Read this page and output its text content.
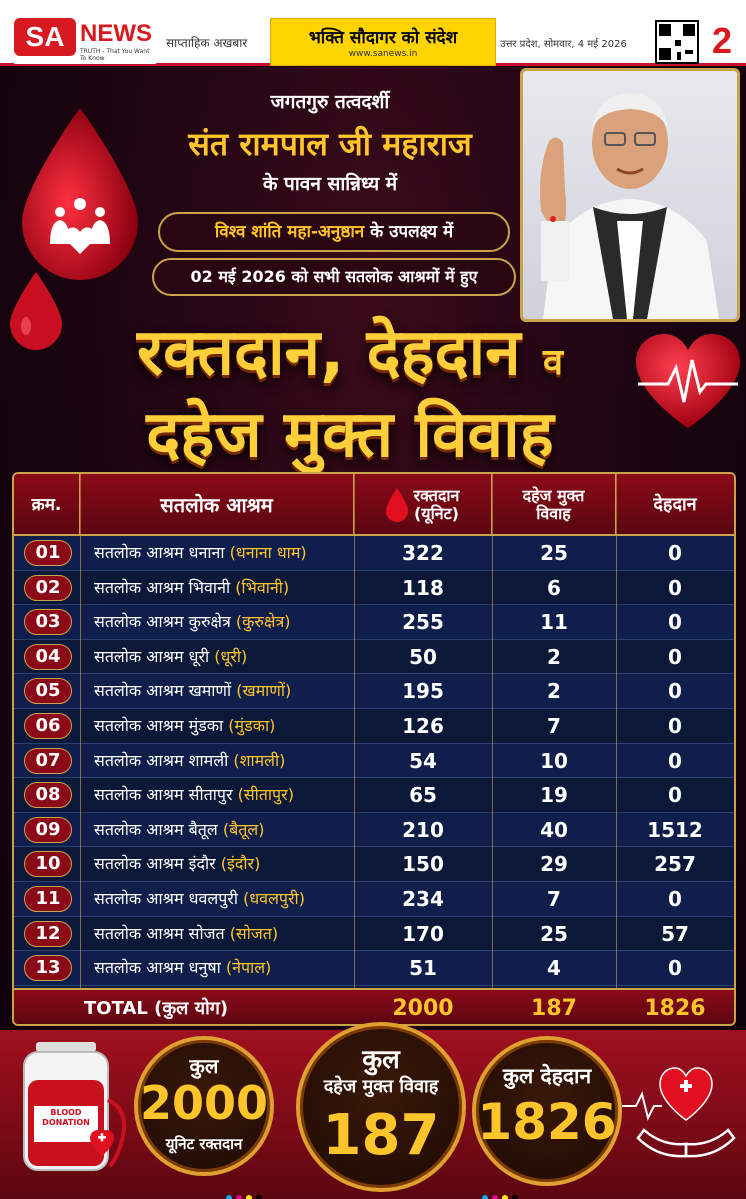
SA NEWS
TRUTH - That You Want To Know
साप्ताहिक अखबार	भक्ति सौदागर को संदेश
www.sanews.in
उत्तर प्रदेश, सोमवार, 4 मई 2026 2
जगतगुरु तत्वदर्शी
संत रामपाल जी महाराज
के पावन सान्निध्य में
विश्व शांति महा-अनुष्ठान के उपलक्ष्य में
02 मई 2026 को सभी सतलोक आश्रमों में हुए
रक्तदान, देहदान व
दहेज मुक्त विवाह
क्रम.	सतलोक आश्रम	रक्तदान
(यूनिट)
दहेज मुक्त
विवाह	देहदान
01	सतलोक आश्रम धनाना (धनाना धाम)	322	25	0
02	सतलोक आश्रम भिवानी (भिवानी)	118	6	0
03	सतलोक आश्रम कुरुक्षेत्र (कुरुक्षेत्र)	255	11	0
04	सतलोक आश्रम धूरी (धूरी)	50	2	0
05	सतलोक आश्रम खमाणों (खमाणों)	195	2	0
06	सतलोक आश्रम मुंडका (मुंडका)	126	7	0
07	सतलोक आश्रम शामली (शामली)	54	10	0
08	सतलोक आश्रम सीतापुर (सीतापुर)	65	19	0
09	सतलोक आश्रम बैतूल (बैतूल)	210	40	1512
10	सतलोक आश्रम इंदौर (इंदौर)	150	29	257
11	सतलोक आश्रम धवलपुरी (धवलपुरी)	234	7	0
12	सतलोक आश्रम सोजत (सोजत)	170	25	57
13	सतलोक आश्रम धनुषा (नेपाल)	51	4	0
TOTAL (कुल योग)	2000	187	1826
BLOOD
DONATION
कुल
2000
यूनिट रक्तदान
कुल
दहेज मुक्त विवाह
187
कुल देहदान
1826
